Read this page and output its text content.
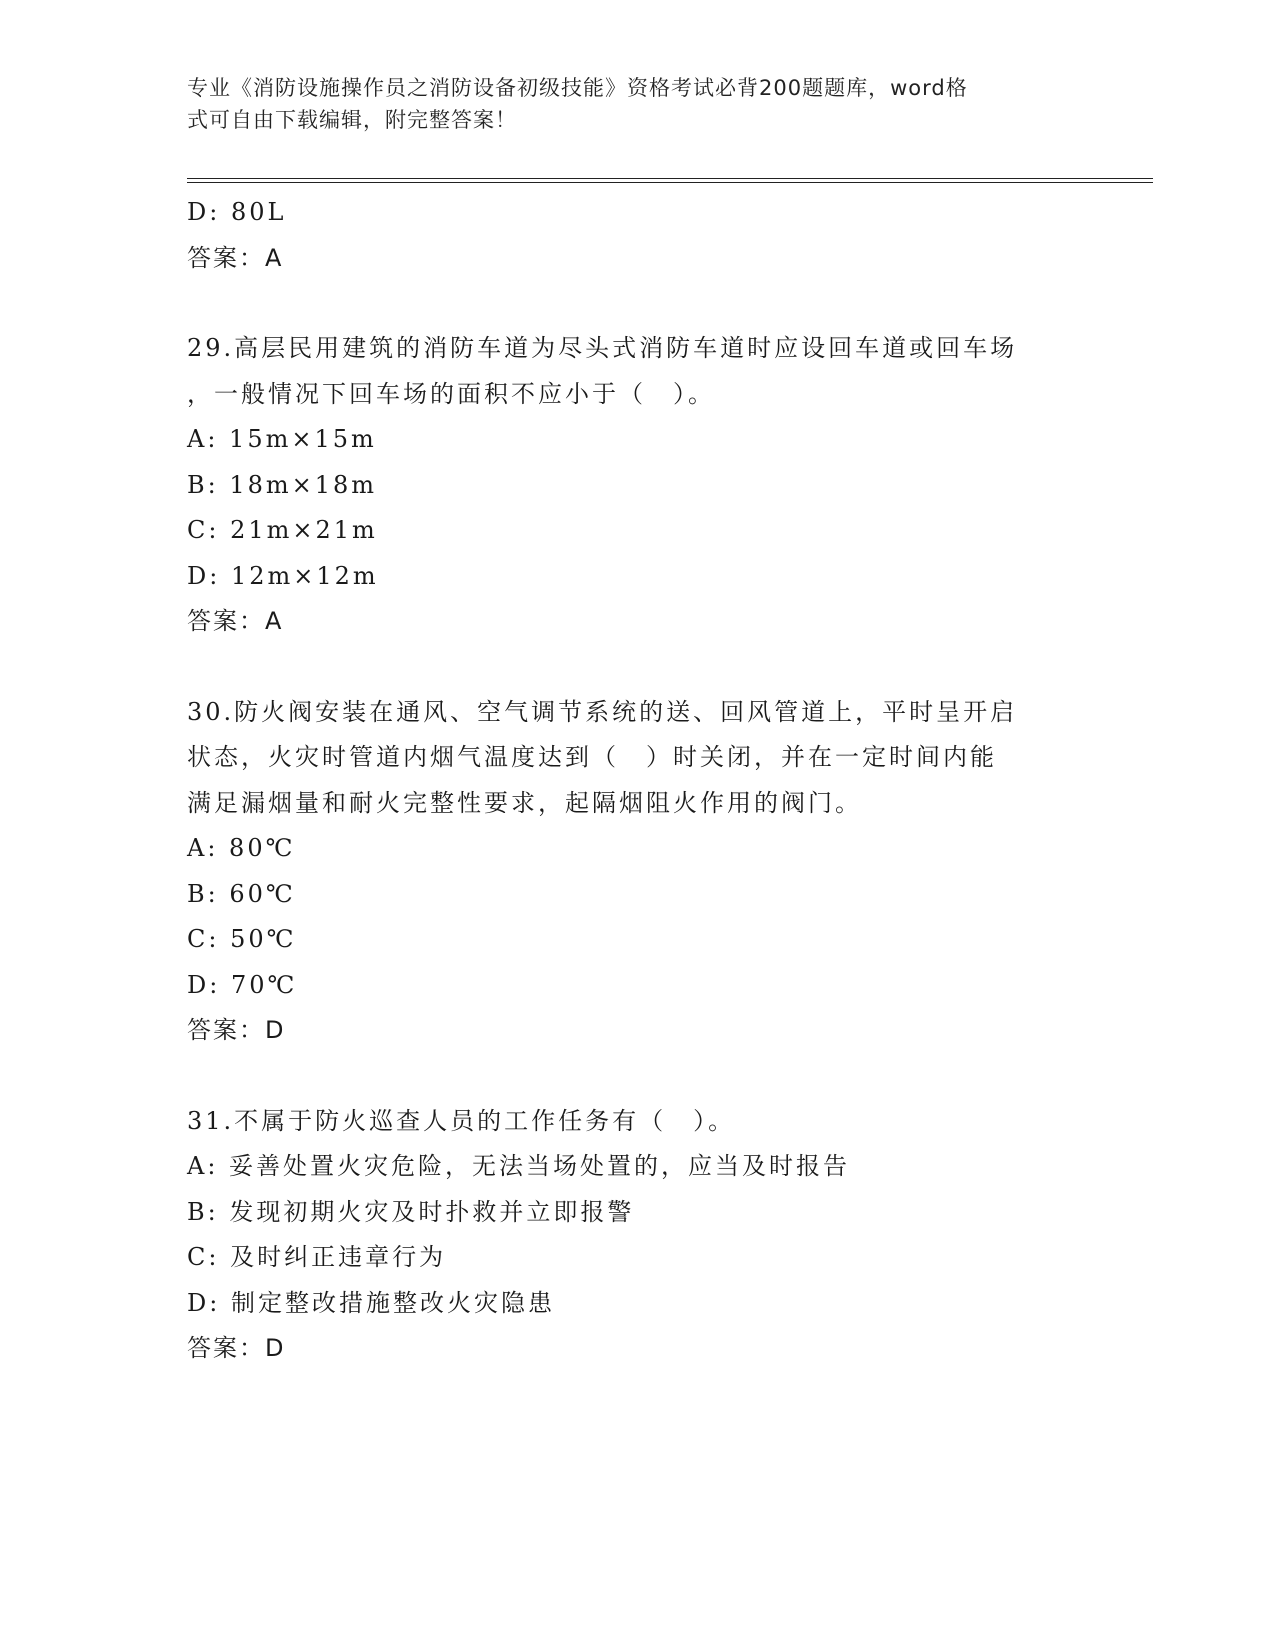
专业《消防设施操作员之消防设备初级技能》资格考试必背200题题库，word格
式可自由下载编辑，附完整答案！
D: 80L
答案：A
29.高层民用建筑的消防车道为尽头式消防车道时应设回车道或回车场
，一般情况下回车场的面积不应小于（　）。
A: 15m×15m
B: 18m×18m
C: 21m×21m
D: 12m×12m
答案：A
30.防火阀安装在通风、空气调节系统的送、回风管道上，平时呈开启
状态，火灾时管道内烟气温度达到（　）时关闭，并在一定时间内能
满足漏烟量和耐火完整性要求，起隔烟阻火作用的阀门。
A: 80℃
B: 60℃
C: 50℃
D: 70℃
答案：D
31.不属于防火巡查人员的工作任务有（　）。
A: 妥善处置火灾危险，无法当场处置的，应当及时报告
B: 发现初期火灾及时扑救并立即报警
C: 及时纠正违章行为
D: 制定整改措施整改火灾隐患
答案：D
